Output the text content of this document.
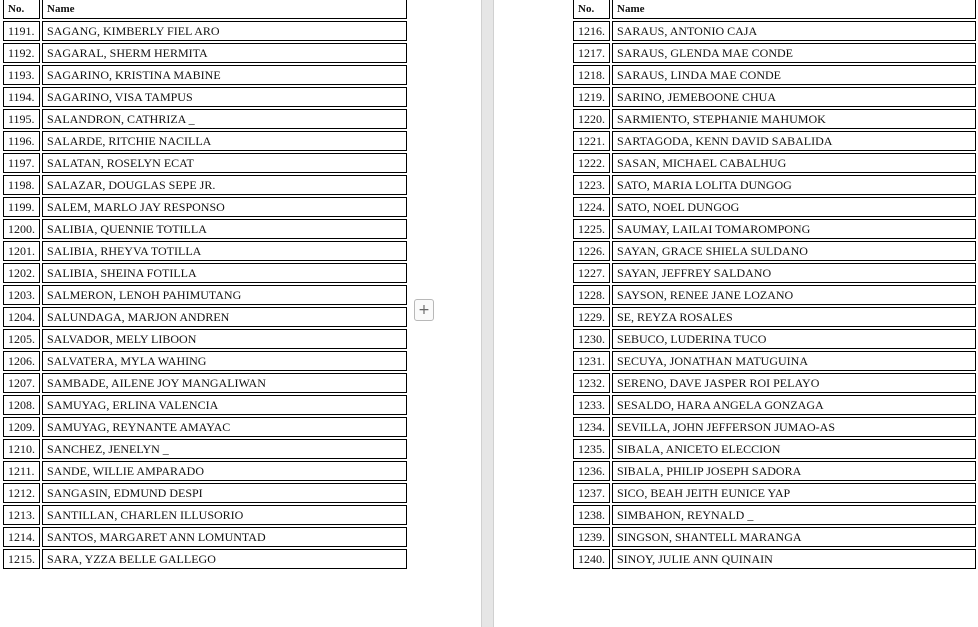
No.	Name
1191.	SAGANG, KIMBERLY FIEL ARO
1192.	SAGARAL, SHERM HERMITA
1193.	SAGARINO, KRISTINA MABINE
1194.	SAGARINO, VISA TAMPUS
1195.	SALANDRON, CATHRIZA _
1196.	SALARDE, RITCHIE NACILLA
1197.	SALATAN, ROSELYN ECAT
1198.	SALAZAR, DOUGLAS SEPE JR.
1199.	SALEM, MARLO JAY RESPONSO
1200.	SALIBIA, QUENNIE TOTILLA
1201.	SALIBIA, RHEYVA TOTILLA
1202.	SALIBIA, SHEINA FOTILLA
1203.	SALMERON, LENOH PAHIMUTANG
1204.	SALUNDAGA, MARJON ANDREN
1205.	SALVADOR, MELY LIBOON
1206.	SALVATERA, MYLA WAHING
1207.	SAMBADE, AILENE JOY MANGALIWAN
1208.	SAMUYAG, ERLINA VALENCIA
1209.	SAMUYAG, REYNANTE AMAYAC
1210.	SANCHEZ, JENELYN _
1211.	SANDE, WILLIE AMPARADO
1212.	SANGASIN, EDMUND DESPI
1213.	SANTILLAN, CHARLEN ILLUSORIO
1214.	SANTOS, MARGARET ANN LOMUNTAD
1215.	SARA, YZZA BELLE GALLEGO
+
No.	Name
1216.	SARAUS, ANTONIO CAJA
1217.	SARAUS, GLENDA MAE CONDE
1218.	SARAUS, LINDA MAE CONDE
1219.	SARINO, JEMEBOONE CHUA
1220.	SARMIENTO, STEPHANIE MAHUMOK
1221.	SARTAGODA, KENN DAVID SABALIDA
1222.	SASAN, MICHAEL CABALHUG
1223.	SATO, MARIA LOLITA DUNGOG
1224.	SATO, NOEL DUNGOG
1225.	SAUMAY, LAILAI TOMAROMPONG
1226.	SAYAN, GRACE SHIELA SULDANO
1227.	SAYAN, JEFFREY SALDANO
1228.	SAYSON, RENEE JANE LOZANO
1229.	SE, REYZA ROSALES
1230.	SEBUCO, LUDERINA TUCO
1231.	SECUYA, JONATHAN MATUGUINA
1232.	SERENO, DAVE JASPER ROI PELAYO
1233.	SESALDO, HARA ANGELA GONZAGA
1234.	SEVILLA, JOHN JEFFERSON JUMAO-AS
1235.	SIBALA, ANICETO ELECCION
1236.	SIBALA, PHILIP JOSEPH SADORA
1237.	SICO, BEAH JEITH EUNICE YAP
1238.	SIMBAHON, REYNALD _
1239.	SINGSON, SHANTELL MARANGA
1240.	SINOY, JULIE ANN QUINAIN
